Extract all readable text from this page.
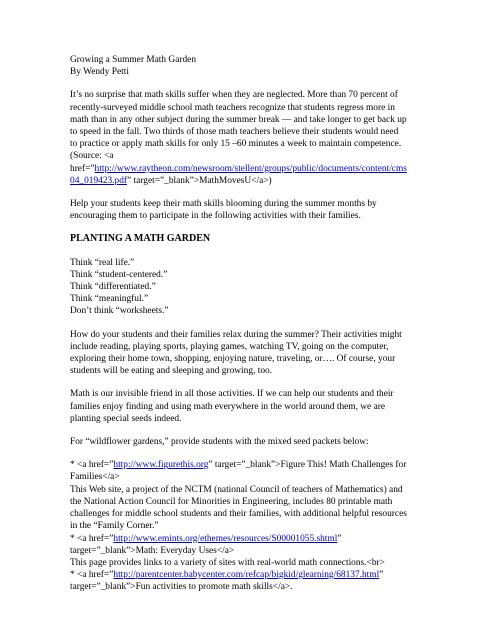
Growing a Summer Math Garden
By Wendy Petti
It’s no surprise that math skills suffer when they are neglected. More than 70 percent of
recently-surveyed middle school math teachers recognize that students regress more in
math than in any other subject during the summer break — and take longer to get back up
to speed in the fall. Two thirds of those math teachers believe their students would need
to practice or apply math skills for only 15 –60 minutes a week to maintain competence.
(Source: <a
href=”http://www.raytheon.com/newsroom/stellent/groups/public/documents/content/cms
04_019423.pdf” target=”_blank”>MathMovesU</a>)
Help your students keep their math skills blooming during the summer months by
encouraging them to participate in the following activities with their families.
PLANTING A MATH GARDEN
Think “real life.”
Think “student-centered.”
Think “differentiated.”
Think “meaningful.”
Don’t think “worksheets.”
How do your students and their families relax during the summer? Their activities might
include reading, playing sports, playing games, watching TV, going on the computer,
exploring their home town, shopping, enjoying nature, traveling, or…. Of course, your
students will be eating and sleeping and growing, too.
Math is our invisible friend in all those activities. If we can help our students and their
families enjoy finding and using math everywhere in the world around them, we are
planting special seeds indeed.
For “wildflower gardens,” provide students with the mixed seed packets below:
* <a href=”http://www.figurethis.org” target=”_blank”>Figure This! Math Challenges for
Families</a>
This Web site, a project of the NCTM (national Council of teachers of Mathematics) and
the National Action Council for Minorities in Engineering, includes 80 printable math
challenges for middle school students and their families, with additional helpful resources
in the “Family Corner.”
* <a href=”http://www.emints.org/ethemes/resources/S00001055.shtml”
target=”_blank”>Math: Everyday Uses</a>
This page provides links to a variety of sites with real-world math connections.<br>
* <a href=”http://parentcenter.babycenter.com/refcap/bigkid/glearning/68137.html”
target=”_blank”>Fun activities to promote math skills</a>.
